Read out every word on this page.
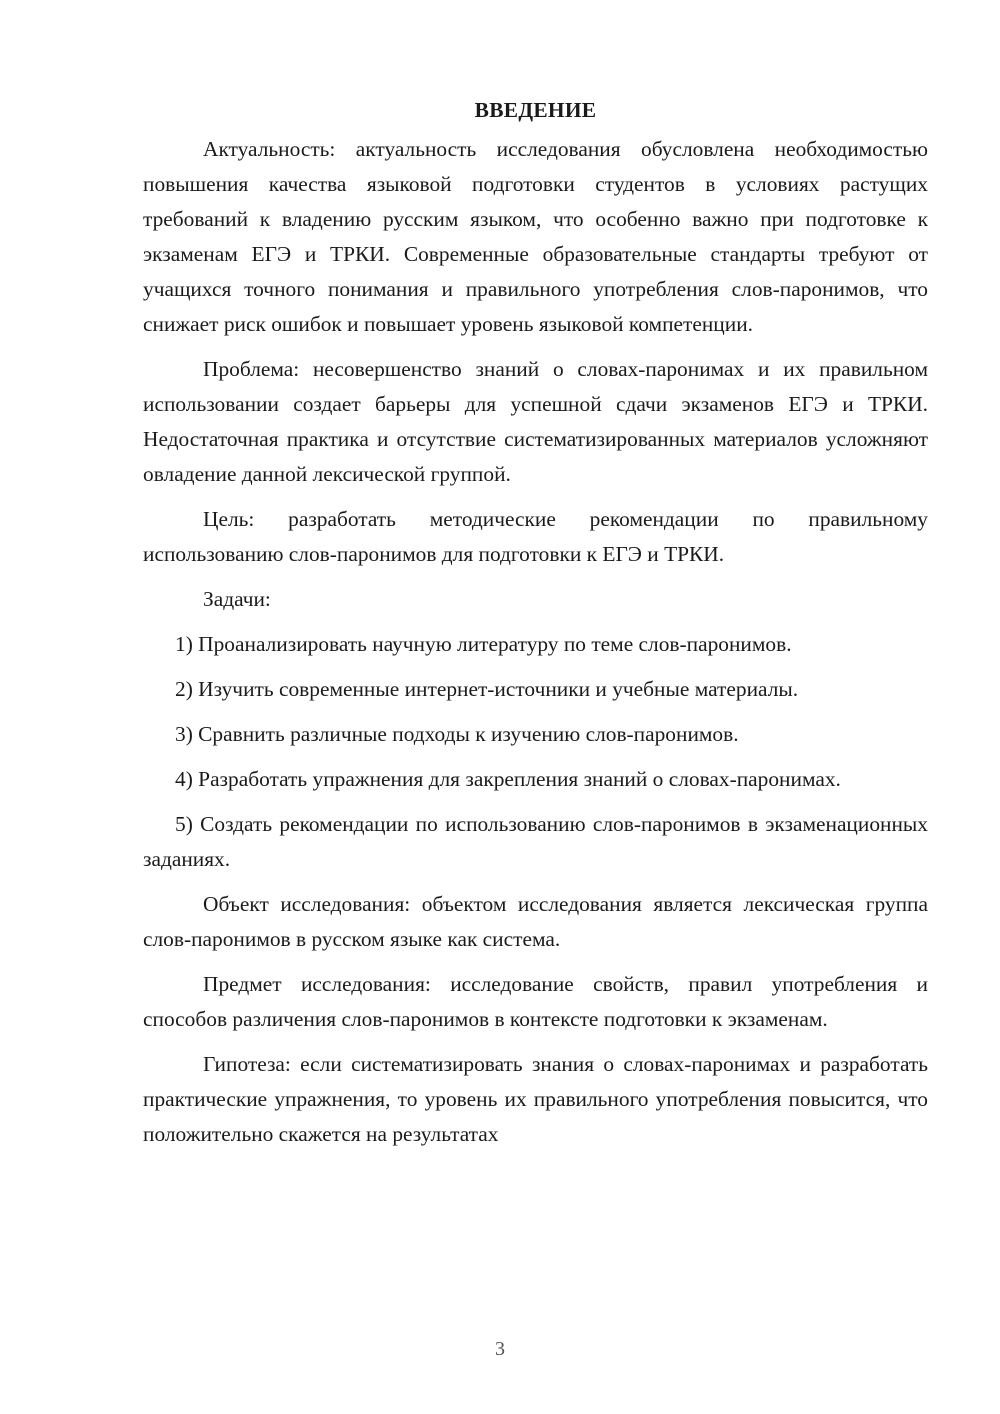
ВВЕДЕНИЕ

Актуальность: актуальность исследования обусловлена необходимостью повышения качества языковой подготовки студентов в условиях растущих требований к владению русским языком, что особенно важно при подготовке к экзаменам ЕГЭ и ТРКИ. Современные образовательные стандарты требуют от учащихся точного понимания и правильного употребления слов-паронимов, что снижает риск ошибок и повышает уровень языковой компетенции.

Проблема: несовершенство знаний о словах-паронимах и их правильном использовании создает барьеры для успешной сдачи экзаменов ЕГЭ и ТРКИ. Недостаточная практика и отсутствие систематизированных материалов усложняют овладение данной лексической группой.

Цель: разработать методические рекомендации по правильному использованию слов-паронимов для подготовки к ЕГЭ и ТРКИ.

Задачи:

1) Проанализировать научную литературу по теме слов-паронимов.

2) Изучить современные интернет-источники и учебные материалы.

3) Сравнить различные подходы к изучению слов-паронимов.

4) Разработать упражнения для закрепления знаний о словах-паронимах.

5) Создать рекомендации по использованию слов-паронимов в экзаменационных заданиях.

Объект исследования: объектом исследования является лексическая группа слов-паронимов в русском языке как система.

Предмет исследования: исследование свойств, правил употребления и способов различения слов-паронимов в контексте подготовки к экзаменам.

Гипотеза: если систематизировать знания о словах-паронимах и разработать практические упражнения, то уровень их правильного употребления повысится, что положительно скажется на результатах

3
